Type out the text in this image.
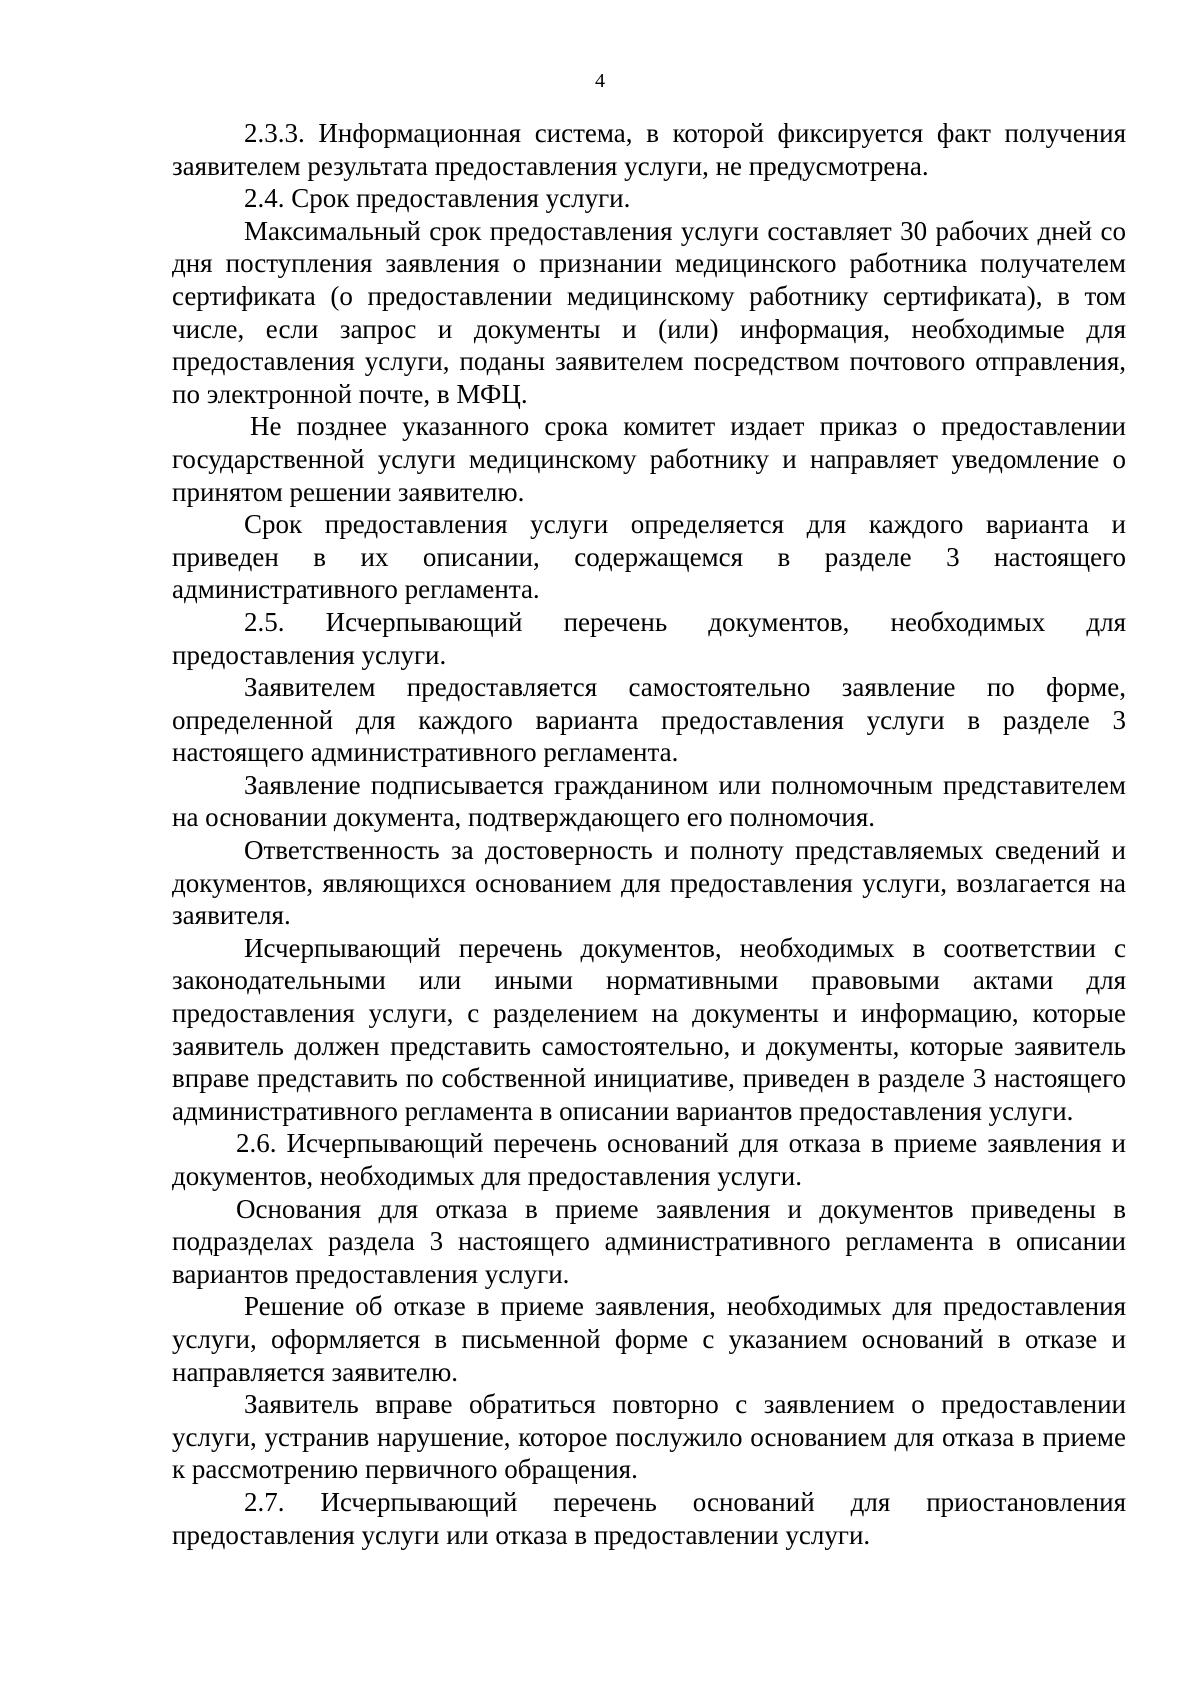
4

2.3.3. Информационная система, в которой фиксируется факт получения заявителем результата предоставления услуги, не предусмотрена.

2.4. Срок предоставления услуги.

Максимальный срок предоставления услуги составляет 30 рабочих дней со дня поступления заявления о признании медицинского работника получателем сертификата (о предоставлении медицинскому работнику сертификата), в том числе, если запрос и документы и (или) информация, необходимые для предоставления услуги, поданы заявителем посредством почтового отправления, по электронной почте, в МФЦ.

Не позднее указанного срока комитет издает приказ о предоставлении государственной услуги медицинскому работнику и направляет уведомление о принятом решении заявителю.

Срок предоставления услуги определяется для каждого варианта и приведен в их описании, содержащемся в разделе 3 настоящего административного регламента.

2.5. Исчерпывающий перечень документов, необходимых для предоставления услуги.

Заявителем предоставляется самостоятельно заявление по форме, определенной для каждого варианта предоставления услуги в разделе 3 настоящего административного регламента.

Заявление подписывается гражданином или полномочным представителем на основании документа, подтверждающего его полномочия.

Ответственность за достоверность и полноту представляемых сведений и документов, являющихся основанием для предоставления услуги, возлагается на заявителя.

Исчерпывающий перечень документов, необходимых в соответствии с законодательными или иными нормативными правовыми актами для предоставления услуги, с разделением на документы и информацию, которые заявитель должен представить самостоятельно, и документы, которые заявитель вправе представить по собственной инициативе, приведен в разделе 3 настоящего административного регламента в описании вариантов предоставления услуги.

2.6. Исчерпывающий перечень оснований для отказа в приеме заявления и документов, необходимых для предоставления услуги.

Основания для отказа в приеме заявления и документов приведены в подразделах раздела 3 настоящего административного регламента в описании вариантов предоставления услуги.

Решение об отказе в приеме заявления, необходимых для предоставления услуги, оформляется в письменной форме с указанием оснований в отказе и направляется заявителю.

Заявитель вправе обратиться повторно с заявлением о предоставлении услуги, устранив нарушение, которое послужило основанием для отказа в приеме к рассмотрению первичного обращения.

2.7. Исчерпывающий перечень оснований для приостановления предоставления услуги или отказа в предоставлении услуги.
